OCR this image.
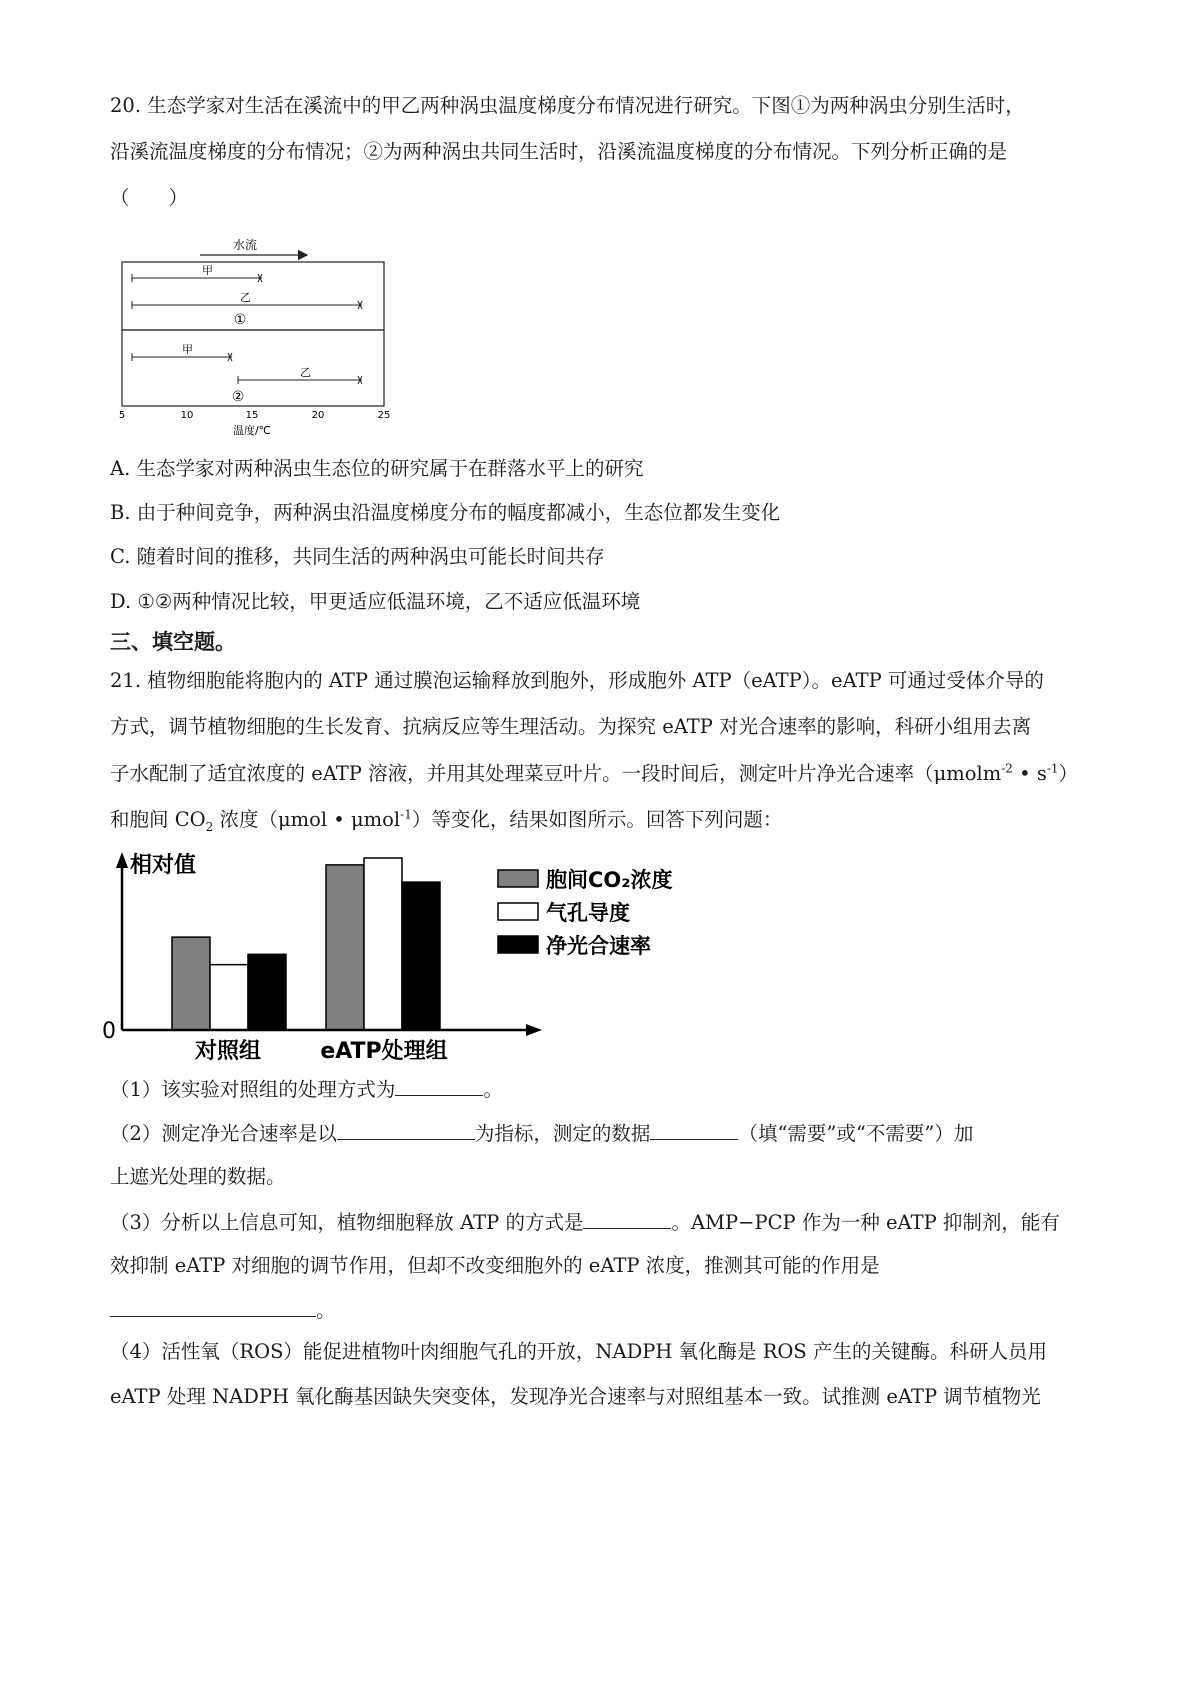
20. 生态学家对生活在溪流中的甲乙两种涡虫温度梯度分布情况进行研究。下图①为两种涡虫分别生活时，
沿溪流温度梯度的分布情况；②为两种涡虫共同生活时，沿溪流温度梯度的分布情况。下列分析正确的是
（　　）
水流
甲
乙
①
甲
乙
②
5	10	15	20	25
温度/℃
A. 生态学家对两种涡虫生态位的研究属于在群落水平上的研究
B. 由于种间竞争，两种涡虫沿温度梯度分布的幅度都减小，生态位都发生变化
C. 随着时间的推移，共同生活的两种涡虫可能长时间共存
D. ①②两种情况比较，甲更适应低温环境，乙不适应低温环境
三、填空题。
21. 植物细胞能将胞内的 ATP 通过膜泡运输释放到胞外，形成胞外 ATP（eATP）。eATP 可通过受体介导的
方式，调节植物细胞的生长发育、抗病反应等生理活动。为探究 eATP 对光合速率的影响，科研小组用去离
子水配制了适宜浓度的 eATP 溶液，并用其处理菜豆叶片。一段时间后，测定叶片净光合速率（μmolm$^{-2}$ • $s^{-1}$）
和胞间 $CO_2$ 浓度（μmol • μmol$^{-1}$）等变化，结果如图所示。回答下列问题：
相对值
0
对照组	eATP处理组
胞间CO₂浓度
气孔导度
净光合速率
（1）该实验对照组的处理方式为	。
（2）测定净光合速率是以	为指标，测定的数据	（填“需要”或“不需要”）加
上遮光处理的数据。
（3）分析以上信息可知，植物细胞释放 ATP 的方式是	。AMP−PCP 作为一种 eATP 抑制剂，能有
效抑制 eATP 对细胞的调节作用，但却不改变细胞外的 eATP 浓度，推测其可能的作用是
。
（4）活性氧（ROS）能促进植物叶肉细胞气孔的开放，NADPH 氧化酶是 ROS 产生的关键酶。科研人员用
eATP 处理 NADPH 氧化酶基因缺失突变体，发现净光合速率与对照组基本一致。试推测 eATP 调节植物光
